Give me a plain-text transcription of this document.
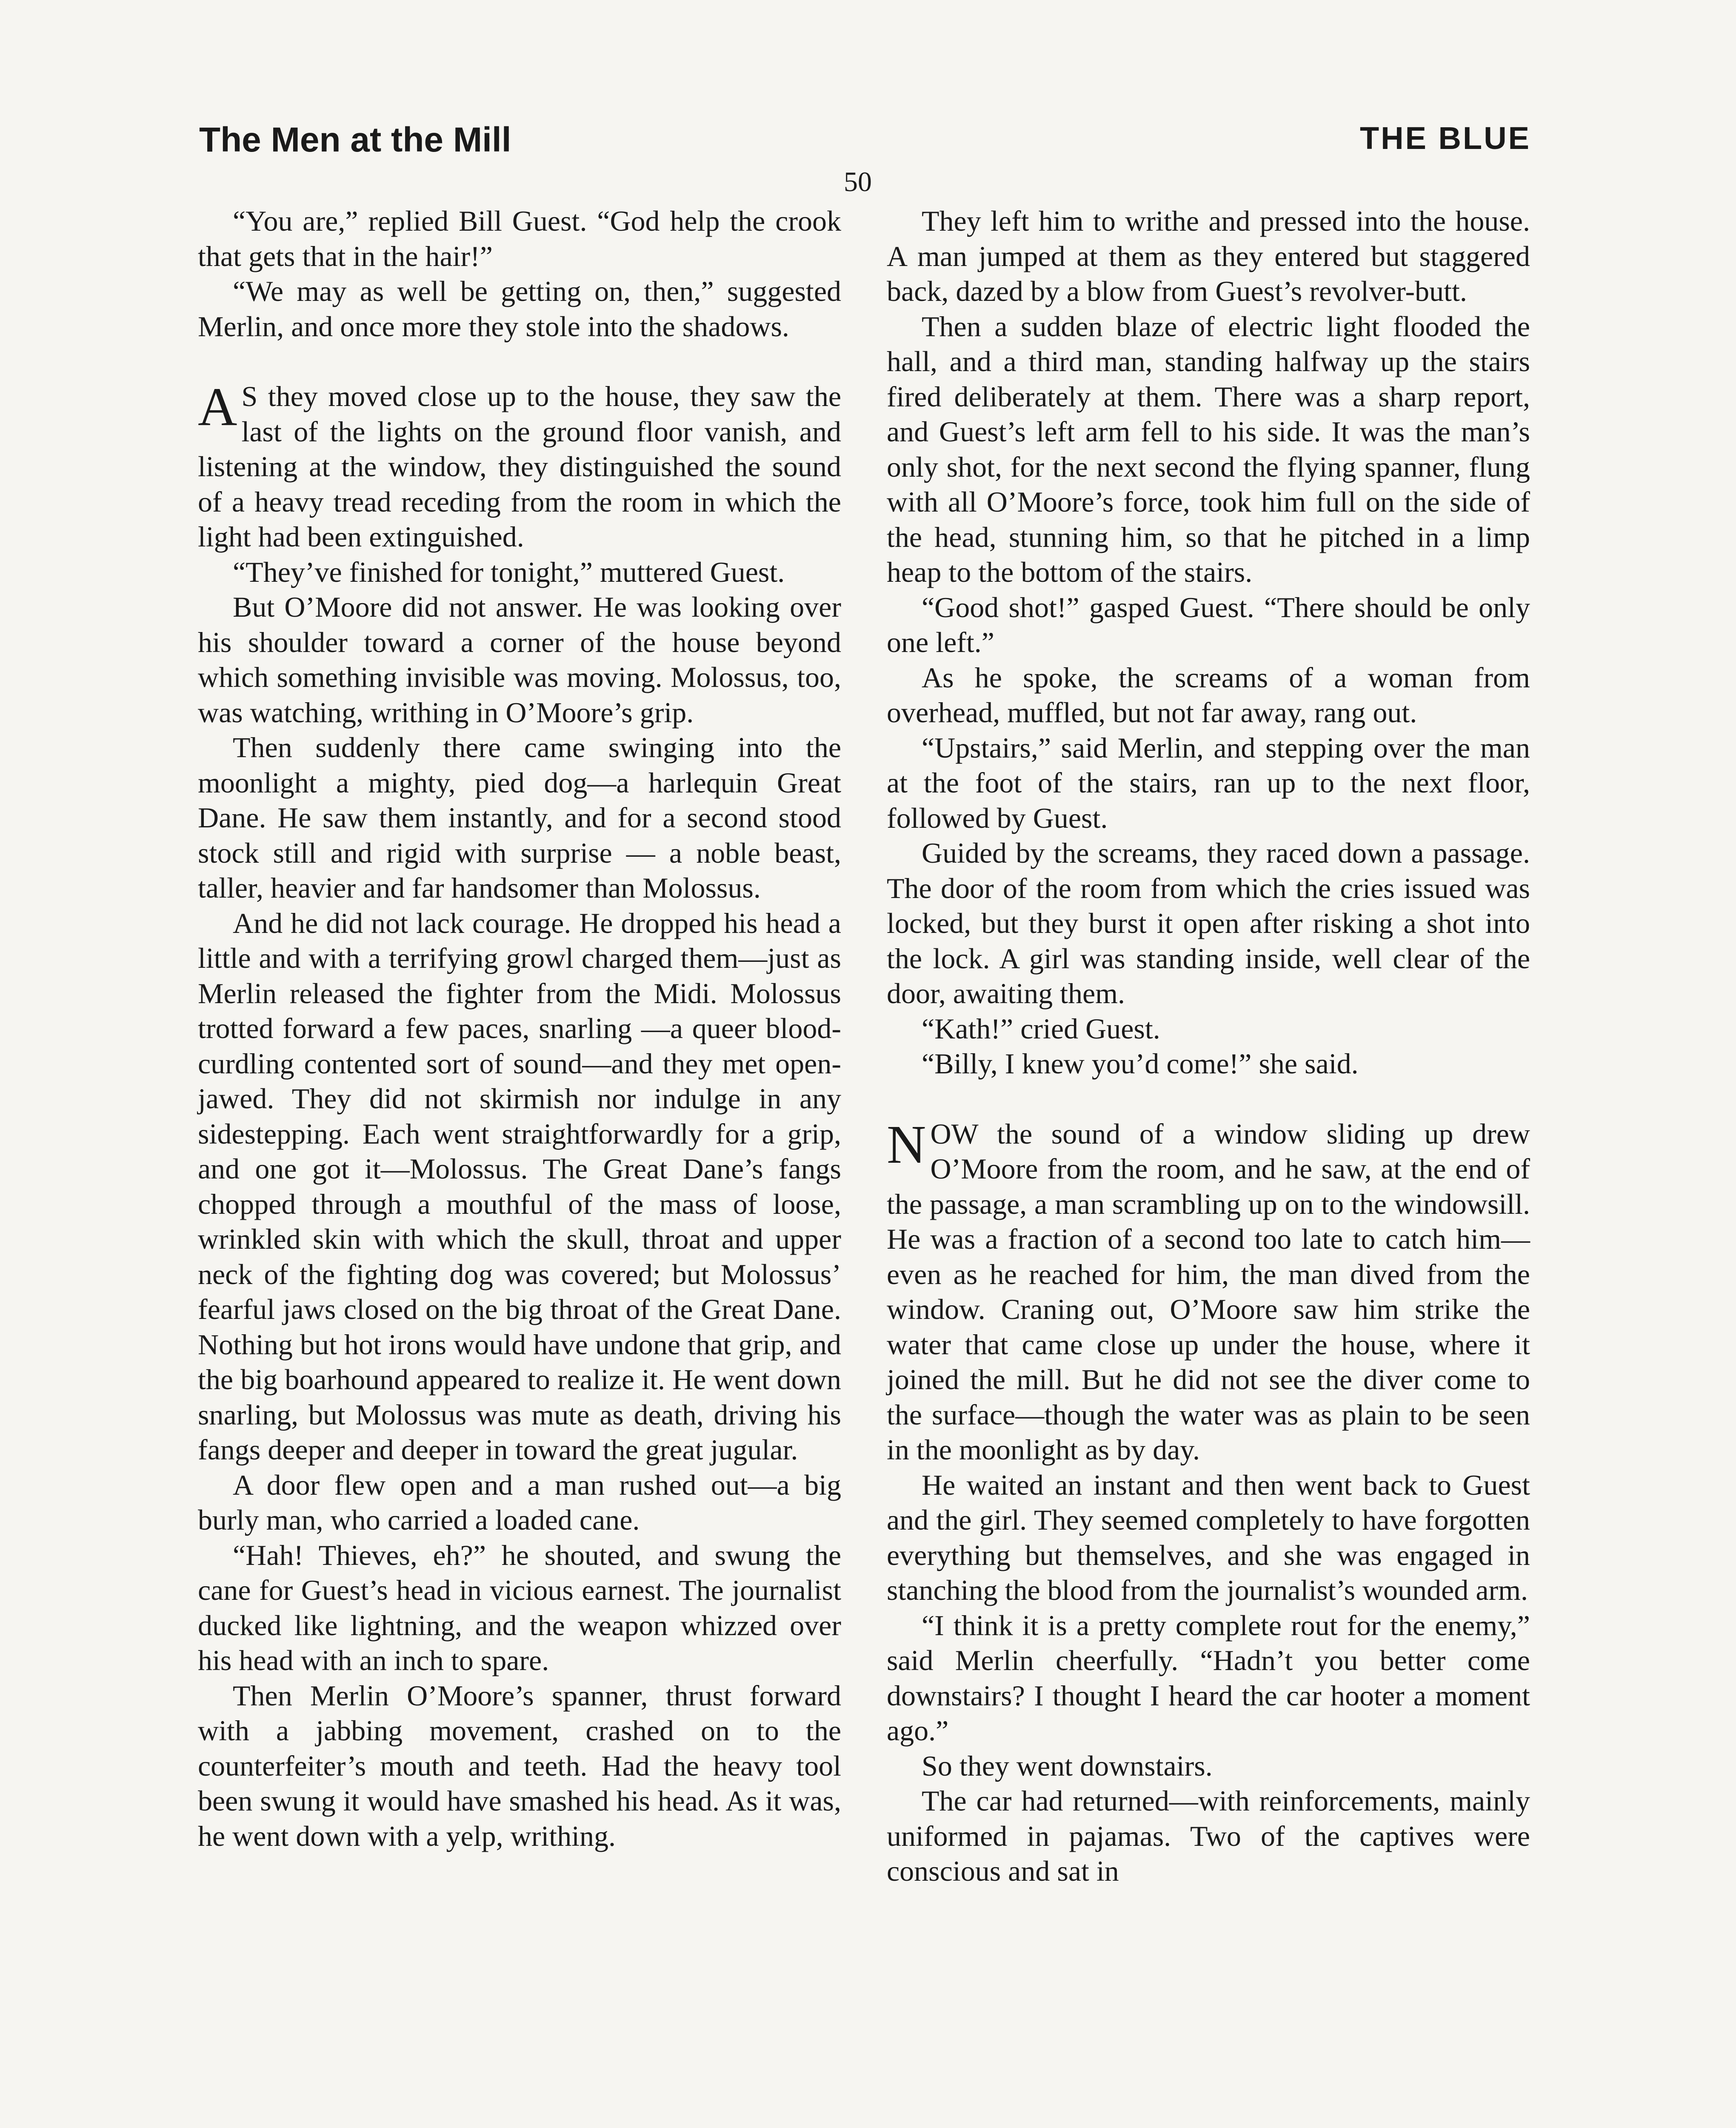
The Men at the Mill	THE BLUE
50

“You are,” replied Bill Guest. “God help the crook that gets that in the hair!”

“We may as well be getting on, then,” suggested Merlin, and once more they stole into the shadows.

A S they moved close up to the house, they saw the last of the lights on the ground floor vanish, and listening at the window, they distinguished the sound of a heavy tread receding from the room in which the light had been extinguished.

“They’ve finished for tonight,” muttered Guest.

But O’Moore did not answer. He was looking over his shoulder toward a corner of the house beyond which something invisible was moving. Molossus, too, was watching, writhing in O’Moore’s grip.

Then suddenly there came swinging into the moonlight a mighty, pied dog—a harlequin Great Dane. He saw them instantly, and for a second stood stock still and rigid with surprise — a noble beast, taller, heavier and far handsomer than Molossus.

And he did not lack courage. He dropped his head a little and with a terrifying growl charged them—just as Merlin released the fighter from the Midi. Molossus trotted forward a few paces, snarling —a queer blood-curdling contented sort of sound—and they met open-jawed. They did not skirmish nor indulge in any sidestepping. Each went straightforwardly for a grip, and one got it—Molossus. The Great Dane’s fangs chopped through a mouthful of the mass of loose, wrinkled skin with which the skull, throat and upper neck of the fighting dog was covered; but Molossus’ fearful jaws closed on the big throat of the Great Dane. Nothing but hot irons would have undone that grip, and the big boarhound appeared to realize it. He went down snarling, but Molossus was mute as death, driving his fangs deeper and deeper in toward the great jugular.

A door flew open and a man rushed out—a big burly man, who carried a loaded cane.

“Hah! Thieves, eh?” he shouted, and swung the cane for Guest’s head in vicious earnest. The journalist ducked like lightning, and the weapon whizzed over his head with an inch to spare.

Then Merlin O’Moore’s spanner, thrust forward with a jabbing movement, crashed on to the counterfeiter’s mouth and teeth. Had the heavy tool been swung it would have smashed his head. As it was, he went down with a yelp, writhing.

They left him to writhe and pressed into the house. A man jumped at them as they entered but staggered back, dazed by a blow from Guest’s revolver-butt.

Then a sudden blaze of electric light flooded the hall, and a third man, standing halfway up the stairs fired deliberately at them. There was a sharp report, and Guest’s left arm fell to his side. It was the man’s only shot, for the next second the flying spanner, flung with all O’Moore’s force, took him full on the side of the head, stunning him, so that he pitched in a limp heap to the bottom of the stairs.

“Good shot!” gasped Guest. “There should be only one left.”

As he spoke, the screams of a woman from overhead, muffled, but not far away, rang out.

“Upstairs,” said Merlin, and stepping over the man at the foot of the stairs, ran up to the next floor, followed by Guest.

Guided by the screams, they raced down a passage. The door of the room from which the cries issued was locked, but they burst it open after risking a shot into the lock. A girl was standing inside, well clear of the door, awaiting them.

“Kath!” cried Guest.

“Billy, I knew you’d come!” she said.

NOW the sound of a window sliding up drew O’Moore from the room, and he saw, at the end of the passage, a man scrambling up on to the windowsill. He was a fraction of a second too late to catch him—even as he reached for him, the man dived from the window. Craning out, O’Moore saw him strike the water that came close up under the house, where it joined the mill. But he did not see the diver come to the surface—though the water was as plain to be seen in the moonlight as by day.

He waited an instant and then went back to Guest and the girl. They seemed completely to have forgotten everything but themselves, and she was engaged in stanching the blood from the journalist’s wounded arm.

“I think it is a pretty complete rout for the enemy,” said Merlin cheerfully. “Hadn’t you better come downstairs? I thought I heard the car hooter a moment ago.”

So they went downstairs.

The car had returned—with reinforcements, mainly uniformed in pajamas. Two of the captives were conscious and sat in
